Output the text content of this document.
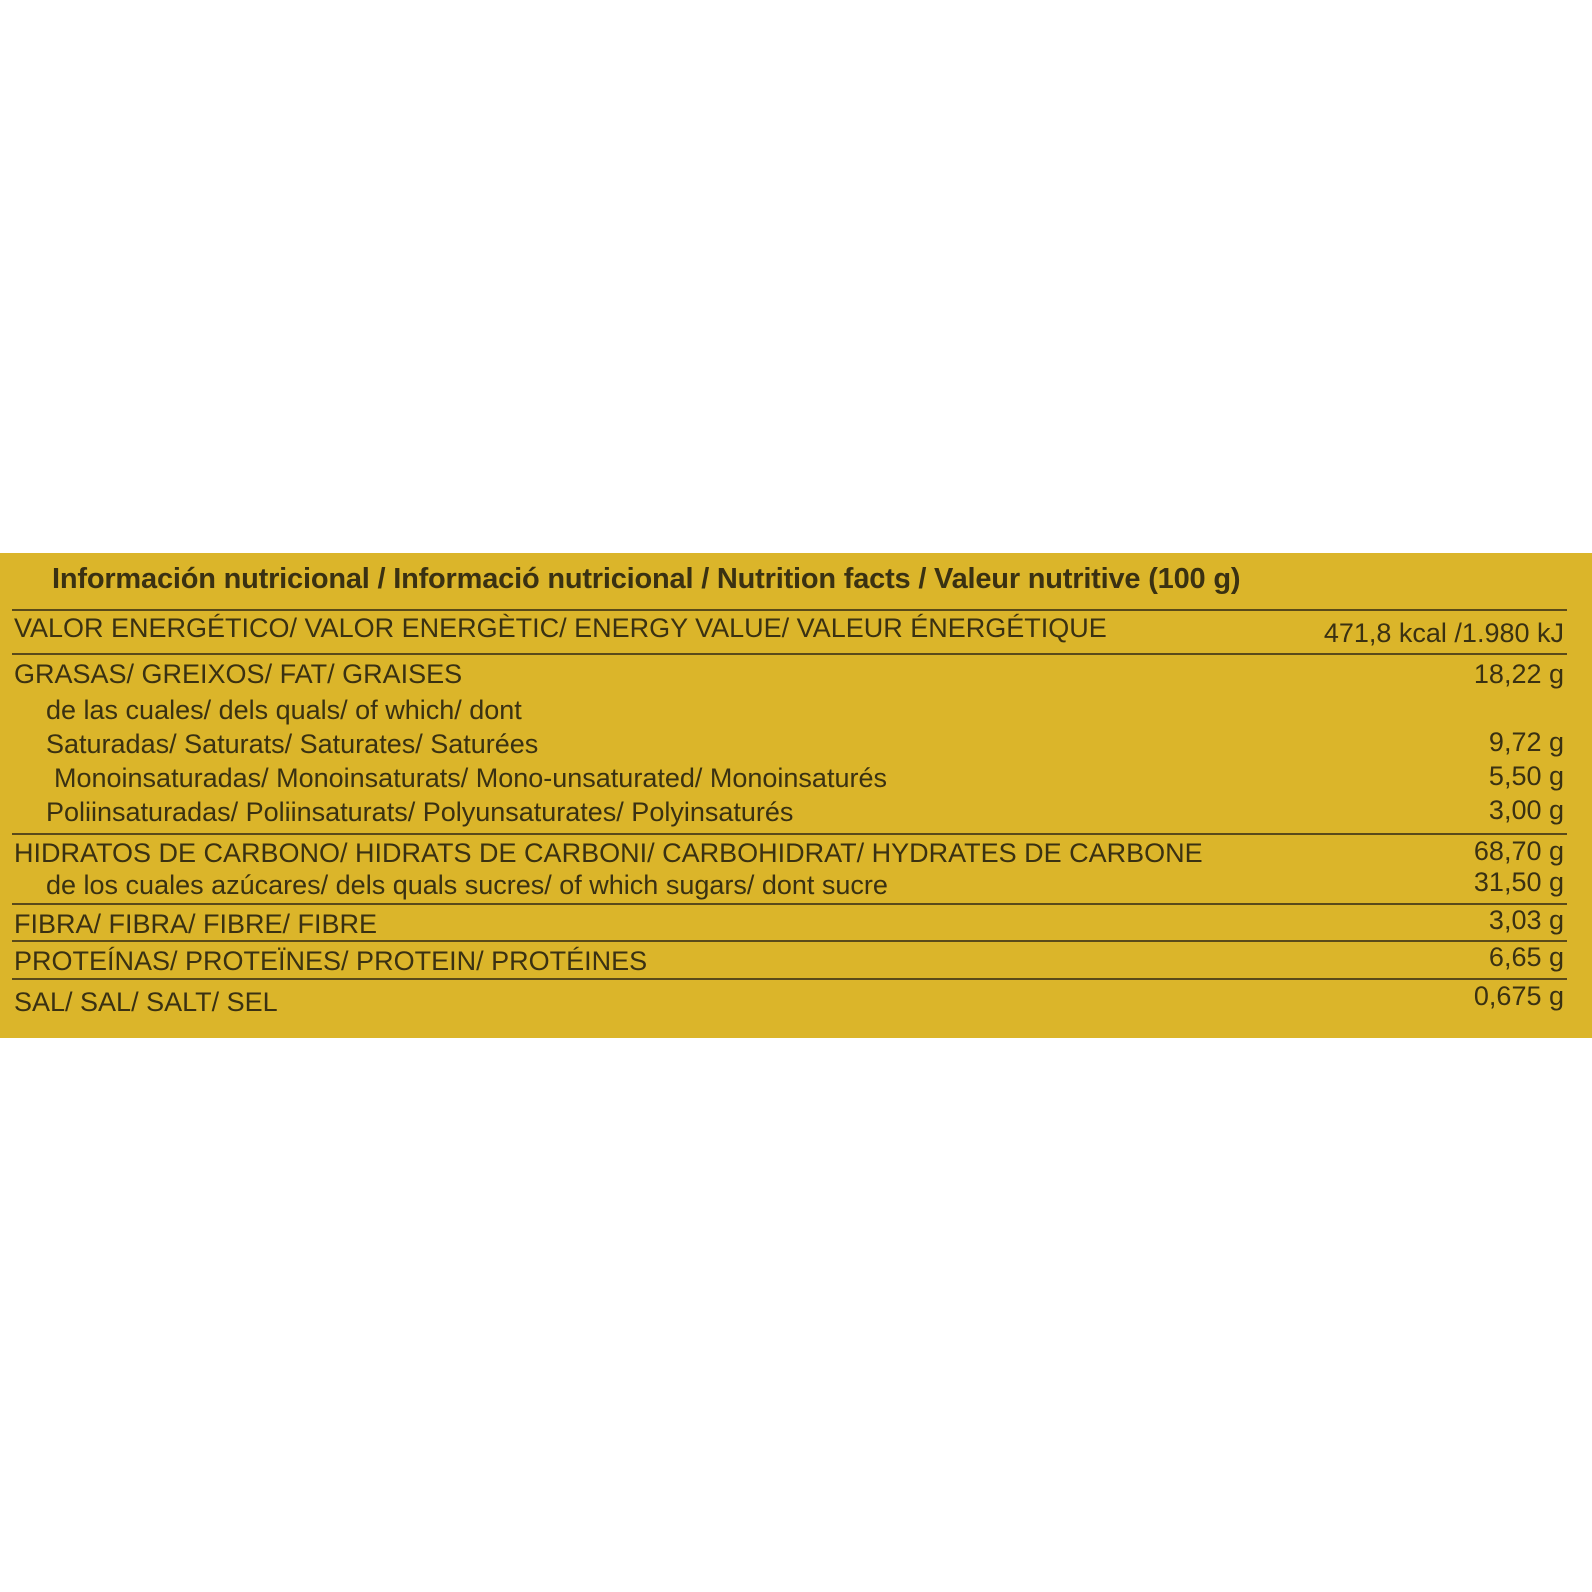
Información nutricional / Informació nutricional / Nutrition facts / Valeur nutritive (100 g)
VALOR ENERGÉTICO/ VALOR ENERGÈTIC/ ENERGY VALUE/ VALEUR ÉNERGÉTIQUE	471,8 kcal /1.980 kJ
GRASAS/ GREIXOS/ FAT/ GRAISES	18,22 g
de las cuales/ dels quals/ of which/ dont
Saturadas/ Saturats/ Saturates/ Saturées	9,72 g
Monoinsaturadas/ Monoinsaturats/ Mono-unsaturated/ Monoinsaturés	5,50 g
Poliinsaturadas/ Poliinsaturats/ Polyunsaturates/ Polyinsaturés	3,00 g
HIDRATOS DE CARBONO/ HIDRATS DE CARBONI/ CARBOHIDRAT/ HYDRATES DE CARBONE	68,70 g
de los cuales azúcares/ dels quals sucres/ of which sugars/ dont sucre	31,50 g
FIBRA/ FIBRA/ FIBRE/ FIBRE	3,03 g
PROTEÍNAS/ PROTEÏNES/ PROTEIN/ PROTÉINES	6,65 g
SAL/ SAL/ SALT/ SEL	0,675 g
